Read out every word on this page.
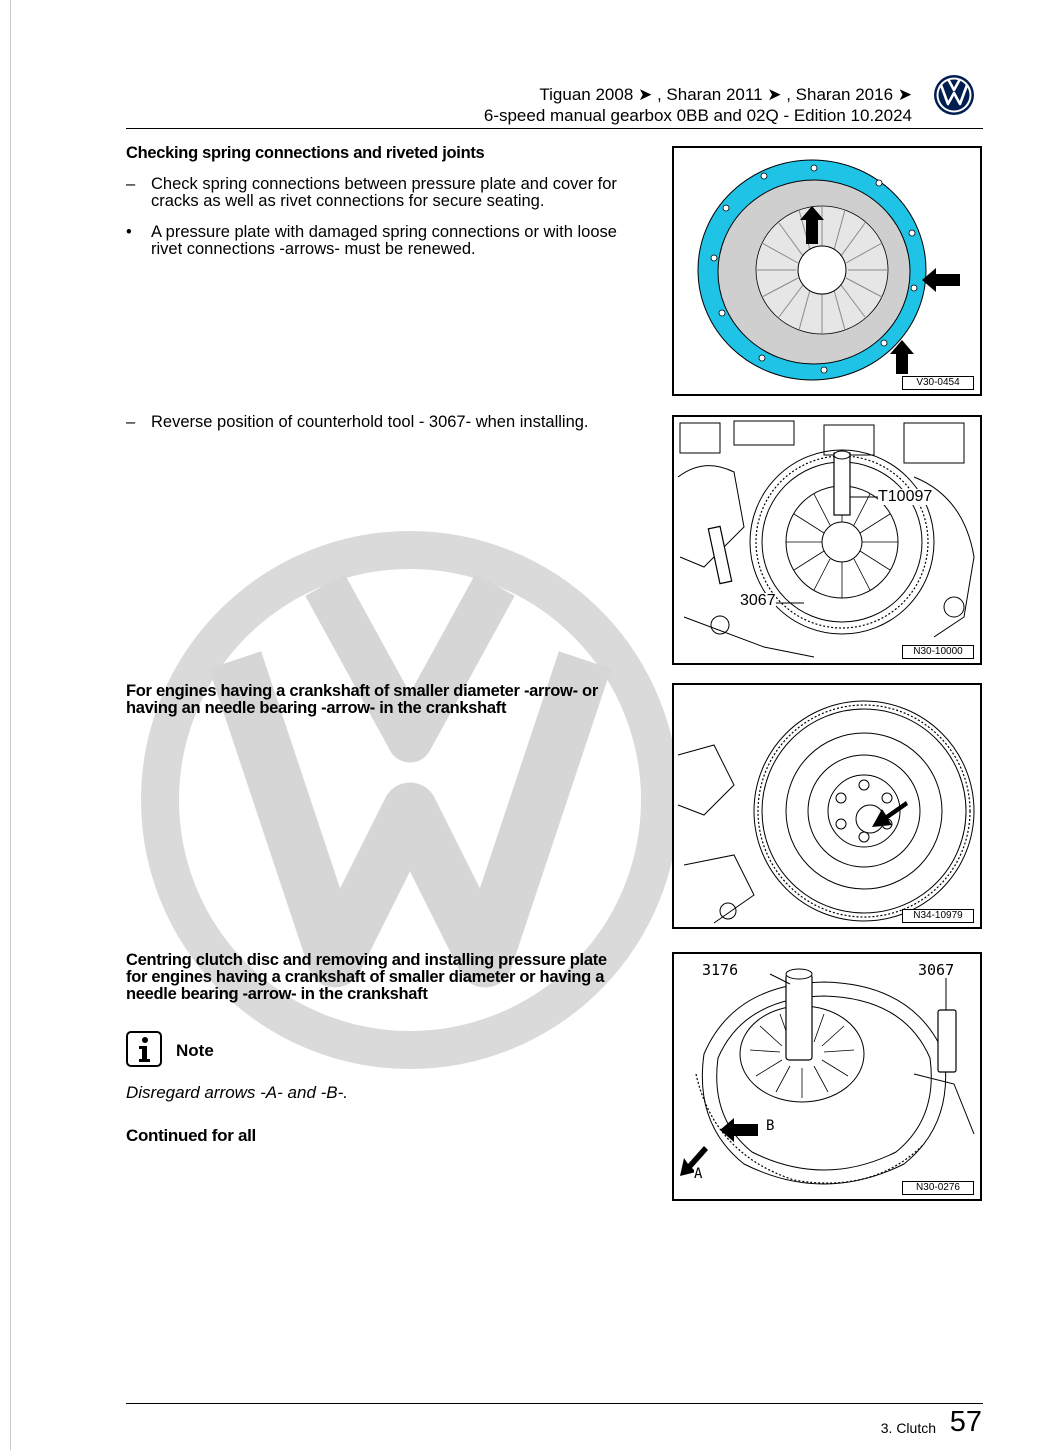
Tiguan 2008 ➤ , Sharan 2011 ➤ , Sharan 2016 ➤
6-speed manual gearbox 0BB and 02Q - Edition 10.2024
Checking spring connections and riveted joints
– Check spring connections between pressure plate and cover for cracks as well as rivet connections for secure seating.
•	A pressure plate with damaged spring connections or with loose rivet connections -arrows- must be renewed.
V30-0454
– Reverse position of counterhold tool - 3067- when installing.
T10097
3067
N30-10000
For engines having a crankshaft of smaller diameter -arrow- or
having an needle bearing -arrow- in the crankshaft
N34-10979
Centring clutch disc and removing and installing pressure plate
for engines having a crankshaft of smaller diameter or having a
needle bearing -arrow- in the crankshaft
3176	3067
B
A
N30-0276
Note
Disregard arrows -A- and -B-.
Continued for all
3. Clutch 57
